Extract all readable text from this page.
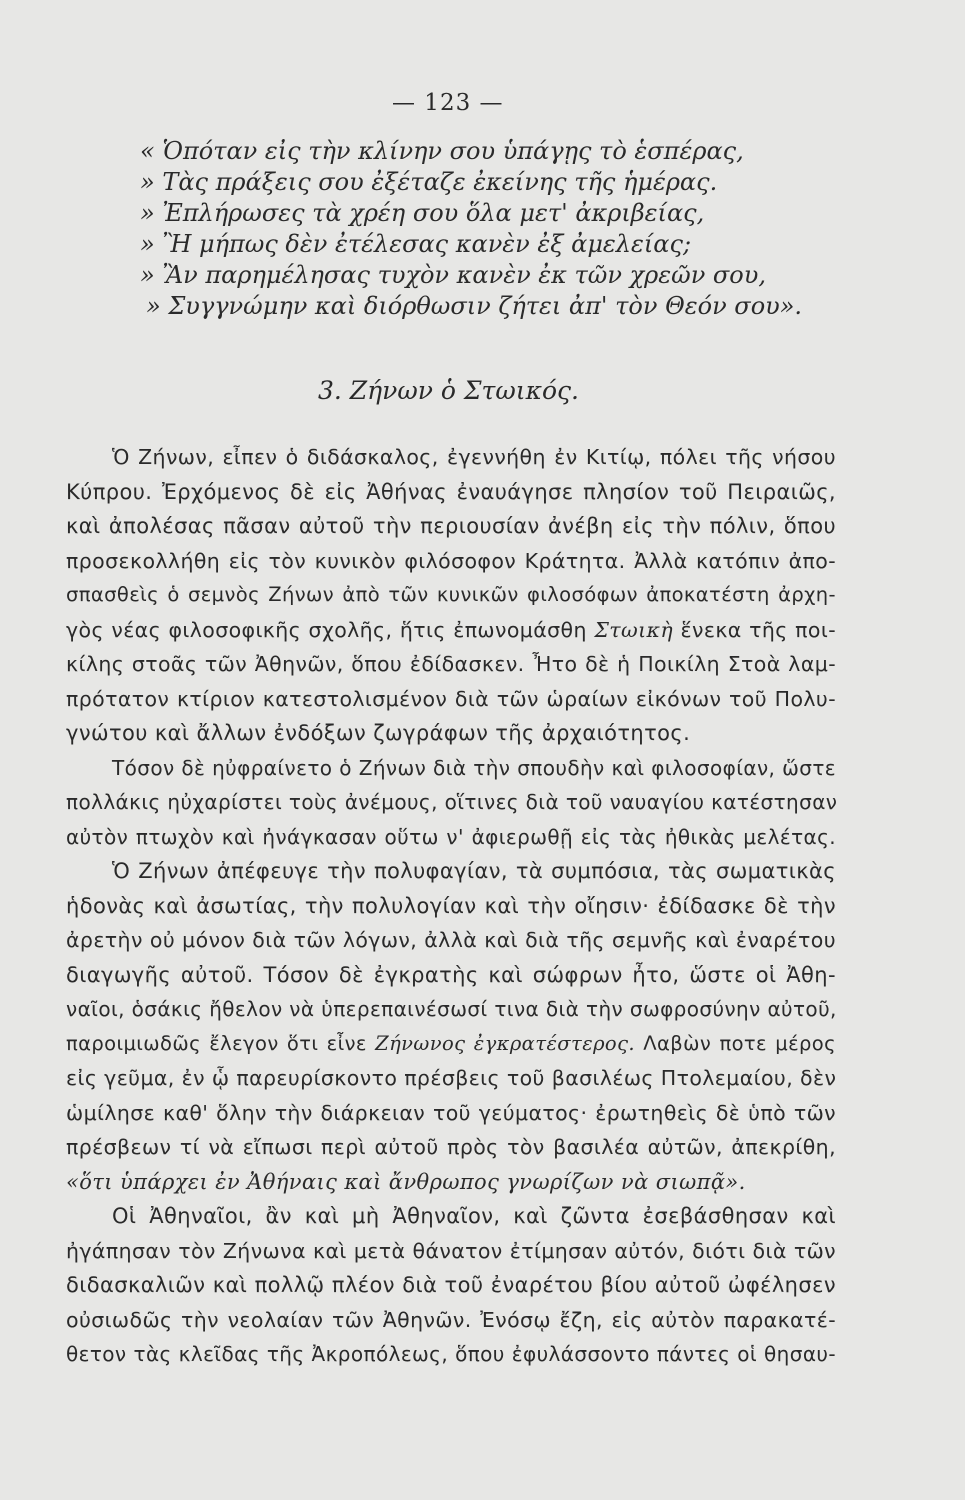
— 123 —
« Ὁπόταν εἰς τὴν κλίνην σου ὑπάγῃς τὸ ἑσπέρας,
» Τὰς πράξεις σου ἐξέταζε ἐκείνης τῆς ἡμέρας.
» Ἐπλήρωσες τὰ χρέη σου ὅλα μετ' ἀκριβείας,
» Ἢ μήπως δὲν ἐτέλεσας κανὲν ἐξ ἀμελείας;
» Ἂν παρημέλησας τυχὸν κανὲν ἐκ τῶν χρεῶν σου,
» Συγγνώμην καὶ διόρθωσιν ζήτει ἀπ' τὸν Θεόν σου».
3. Ζήνων ὁ Στωικός.
Ὁ Ζήνων, εἶπεν ὁ διδάσκαλος, ἐγεννήθη ἐν Κιτίῳ, πόλει τῆς νήσου
Κύπρου. Ἐρχόμενος δὲ εἰς Ἀθήνας ἐναυάγησε πλησίον τοῦ Πειραιῶς,
καὶ ἀπολέσας πᾶσαν αὐτοῦ τὴν περιουσίαν ἀνέβη εἰς τὴν πόλιν, ὅπου
προσεκολλήθη εἰς τὸν κυνικὸν φιλόσοφον Κράτητα. Ἀλλὰ κατόπιν ἀπο-
σπασθεὶς ὁ σεμνὸς Ζήνων ἀπὸ τῶν κυνικῶν φιλοσόφων ἀποκατέστη ἀρχη-
γὸς νέας φιλοσοφικῆς σχολῆς, ἥτις ἐπωνομάσθη Στωικὴ ἕνεκα τῆς ποι-
κίλης στοᾶς τῶν Ἀθηνῶν, ὅπου ἐδίδασκεν. Ἦτο δὲ ἡ Ποικίλη Στοὰ λαμ-
πρότατον κτίριον κατεστολισμένον διὰ τῶν ὡραίων εἰκόνων τοῦ Πολυ-
γνώτου καὶ ἄλλων ἐνδόξων ζωγράφων τῆς ἀρχαιότητος.
Τόσον δὲ ηὐφραίνετο ὁ Ζήνων διὰ τὴν σπουδὴν καὶ φιλοσοφίαν, ὥστε
πολλάκις ηὐχαρίστει τοὺς ἀνέμους, οἵτινες διὰ τοῦ ναυαγίου κατέστησαν
αὐτὸν πτωχὸν καὶ ἠνάγκασαν οὕτω ν' ἀφιερωθῇ εἰς τὰς ἠθικὰς μελέτας.
Ὁ Ζήνων ἀπέφευγε τὴν πολυφαγίαν, τὰ συμπόσια, τὰς σωματικὰς
ἡδονὰς καὶ ἀσωτίας, τὴν πολυλογίαν καὶ τὴν οἴησιν· ἐδίδασκε δὲ τὴν
ἀρετὴν οὐ μόνον διὰ τῶν λόγων, ἀλλὰ καὶ διὰ τῆς σεμνῆς καὶ ἐναρέτου
διαγωγῆς αὐτοῦ. Τόσον δὲ ἐγκρατὴς καὶ σώφρων ἦτο, ὥστε οἱ Ἀθη-
ναῖοι, ὁσάκις ἤθελον νὰ ὑπερεπαινέσωσί τινα διὰ τὴν σωφροσύνην αὐτοῦ,
παροιμιωδῶς ἔλεγον ὅτι εἶνε Ζήνωνος ἐγκρατέστερος. Λαβὼν ποτε μέρος
εἰς γεῦμα, ἐν ᾧ παρευρίσκοντο πρέσβεις τοῦ βασιλέως Πτολεμαίου, δὲν
ὡμίλησε καθ' ὅλην τὴν διάρκειαν τοῦ γεύματος· ἐρωτηθεὶς δὲ ὑπὸ τῶν
πρέσβεων τί νὰ εἴπωσι περὶ αὐτοῦ πρὸς τὸν βασιλέα αὐτῶν, ἀπεκρίθη,
«ὅτι ὑπάρχει ἐν Ἀθήναις καὶ ἄνθρωπος γνωρίζων νὰ σιωπᾷ».
Οἱ Ἀθηναῖοι, ἂν καὶ μὴ Ἀθηναῖον, καὶ ζῶντα ἐσεβάσθησαν καὶ
ἠγάπησαν τὸν Ζήνωνα καὶ μετὰ θάνατον ἐτίμησαν αὐτόν, διότι διὰ τῶν
διδασκαλιῶν καὶ πολλῷ πλέον διὰ τοῦ ἐναρέτου βίου αὐτοῦ ὠφέλησεν
οὐσιωδῶς τὴν νεολαίαν τῶν Ἀθηνῶν. Ἐνόσῳ ἔζη, εἰς αὐτὸν παρακατέ-
θετον τὰς κλεῖδας τῆς Ἀκροπόλεως, ὅπου ἐφυλάσσοντο πάντες οἱ θησαυ-
